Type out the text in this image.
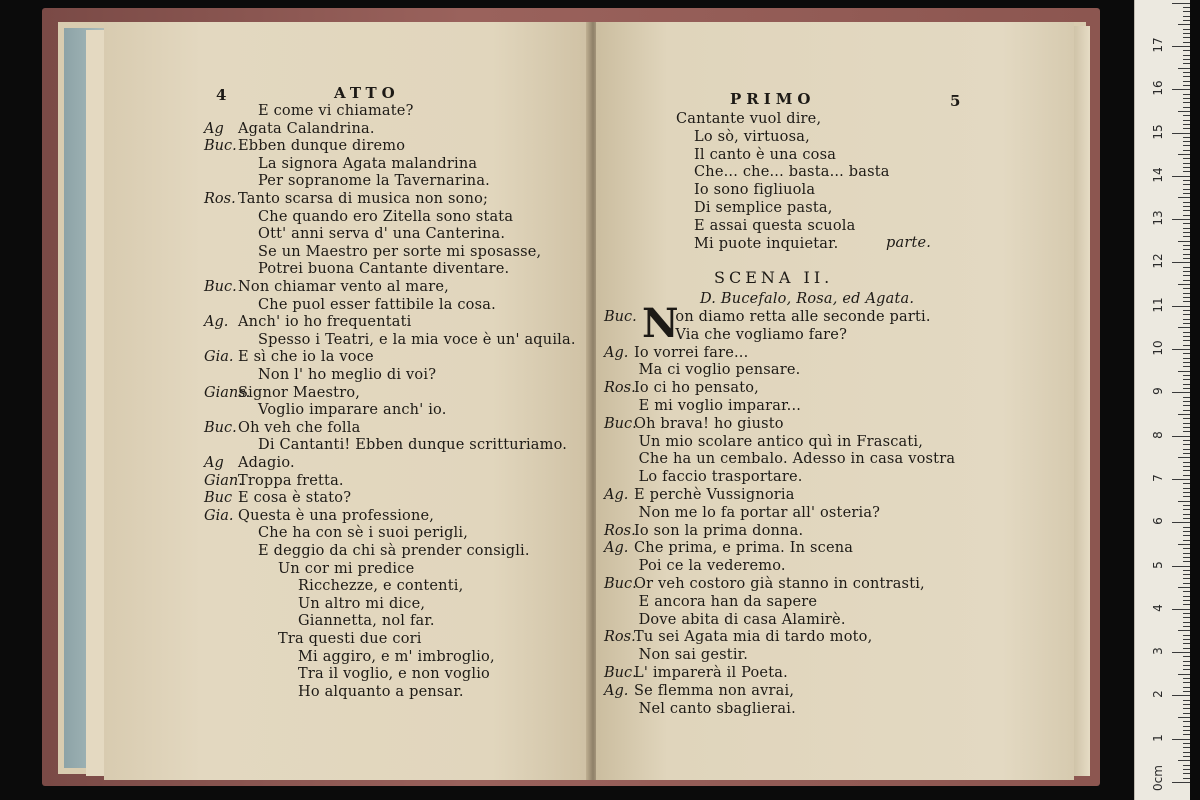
4	ATTO
E come vi chiamate?
Ag Agata Calandrina.
Buc. Ebben dunque diremo
La signora Agata malandrina
Per sopranome la Tavernarina.
Ros. Tanto scarsa di musica non sono;
Che quando ero Zitella sono stata
Ott' anni serva d' una Canterina.
Se un Maestro per sorte mi sposasse,
Potrei buona Cantante diventare.
Buc. Non chiamar vento al mare,
Che puol esser fattibile la cosa.
Ag. Anch' io ho frequentati
Spesso i Teatri, e la mia voce è un' aquila.
Gia. E sì che io la voce
Non l' ho meglio di voi?
Gians.
Signor Maestro,
Voglio imparare anch' io.
Buc. Oh veh che folla
Di Cantanti! Ebben dunque scritturiamo.
Ag Adagio.
Gian.
Troppa fretta.
Buc E cosa è stato?
Gia. Questa è una professione,
Che ha con sè i suoi perigli,
E deggio da chi sà prender consigli.
Un cor mi predice
Ricchezze, e contenti,
Un altro mi dice,
Giannetta, nol far.
Tra questi due cori
Mi aggiro, e m' imbroglio,
Tra il voglio, e non voglio
Ho alquanto a pensar.
PRIMO	5
Cantante vuol dire,
Lo sò, virtuosa,
Il canto è una cosa
Che... che... basta... basta
Io sono figliuola
Di semplice pasta,
E assai questa scuola
Mi puote inquietar.	parte.
SCENA II.
D. Bucefalo, Rosa, ed Agata.
N
Buc.	on diamo retta alle seconde parti.
Via che vogliamo fare?
Ag. Io vorrei fare...
Ma ci voglio pensare.
Ros.
Io ci ho pensato,
E mi voglio imparar...
Buc.
Oh brava! ho giusto
Un mio scolare antico quì in Frascati,
Che ha un cembalo. Adesso in casa vostra
Lo faccio trasportare.
Ag. E perchè Vussignoria
Non me lo fa portar all' osteria?
Ros.
Io son la prima donna.
Ag. Che prima, e prima. In scena
Poi ce la vederemo.
Buc.
Or veh costoro già stanno in contrasti,
E ancora han da sapere
Dove abita di casa Alamirè.
Ros.
Tu sei Agata mia di tardo moto,
Non sai gestir.
Buc.
L' imparerà il Poeta.
Ag. Se flemma non avrai,
Nel canto sbaglierai.
0cm
1
2
3
4
5
6
7
8
9
10
11
12
13
14
15
16
17
